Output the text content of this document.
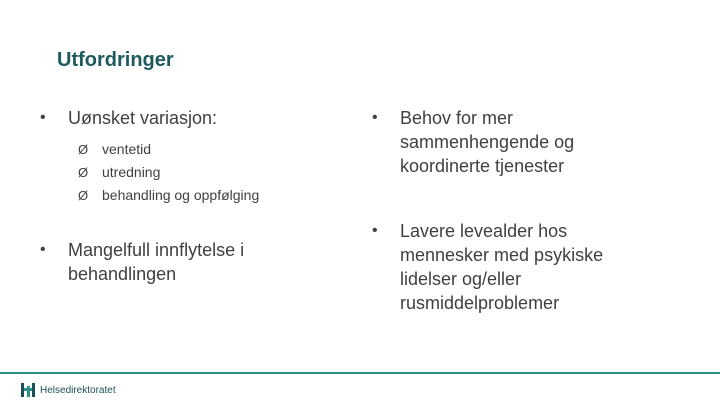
Utfordringer
• Uønsket variasjon:
Ø ventetid
Ø utredning
Ø behandling og oppfølging
• Mangelfull innflytelse i behandlingen
• Behov for mer sammenhengende og koordinerte tjenester
• Lavere levealder hos mennesker med psykiske lidelser og/eller rusmiddelproblemer
Helsedirektoratet
